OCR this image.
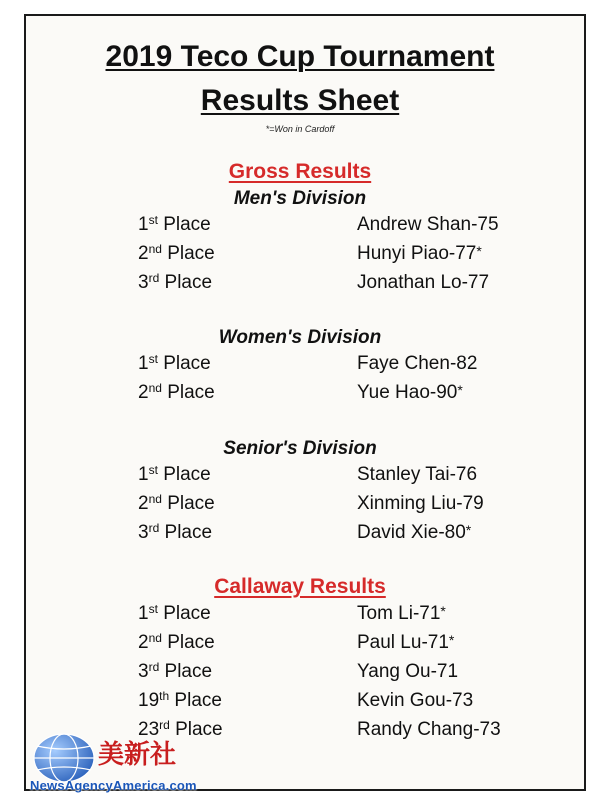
2019 Teco Cup Tournament
Results Sheet
*=Won in Cardoff
Gross Results
Men's Division
1st Place	Andrew Shan-75
2nd Place	Hunyi Piao-77*
3rd Place	Jonathan Lo-77
Women's Division
1st Place	Faye Chen-82
2nd Place	Yue Hao-90*
Senior's Division
1st Place	Stanley Tai-76
2nd Place	Xinming Liu-79
3rd Place	David Xie-80*
Callaway Results
1st Place	Tom Li-71*
2nd Place	Paul Lu-71*
3rd Place	Yang Ou-71
19th Place	Kevin Gou-73
23rd Place	Randy Chang-73
美新社
NewsAgencyAmerica.com
